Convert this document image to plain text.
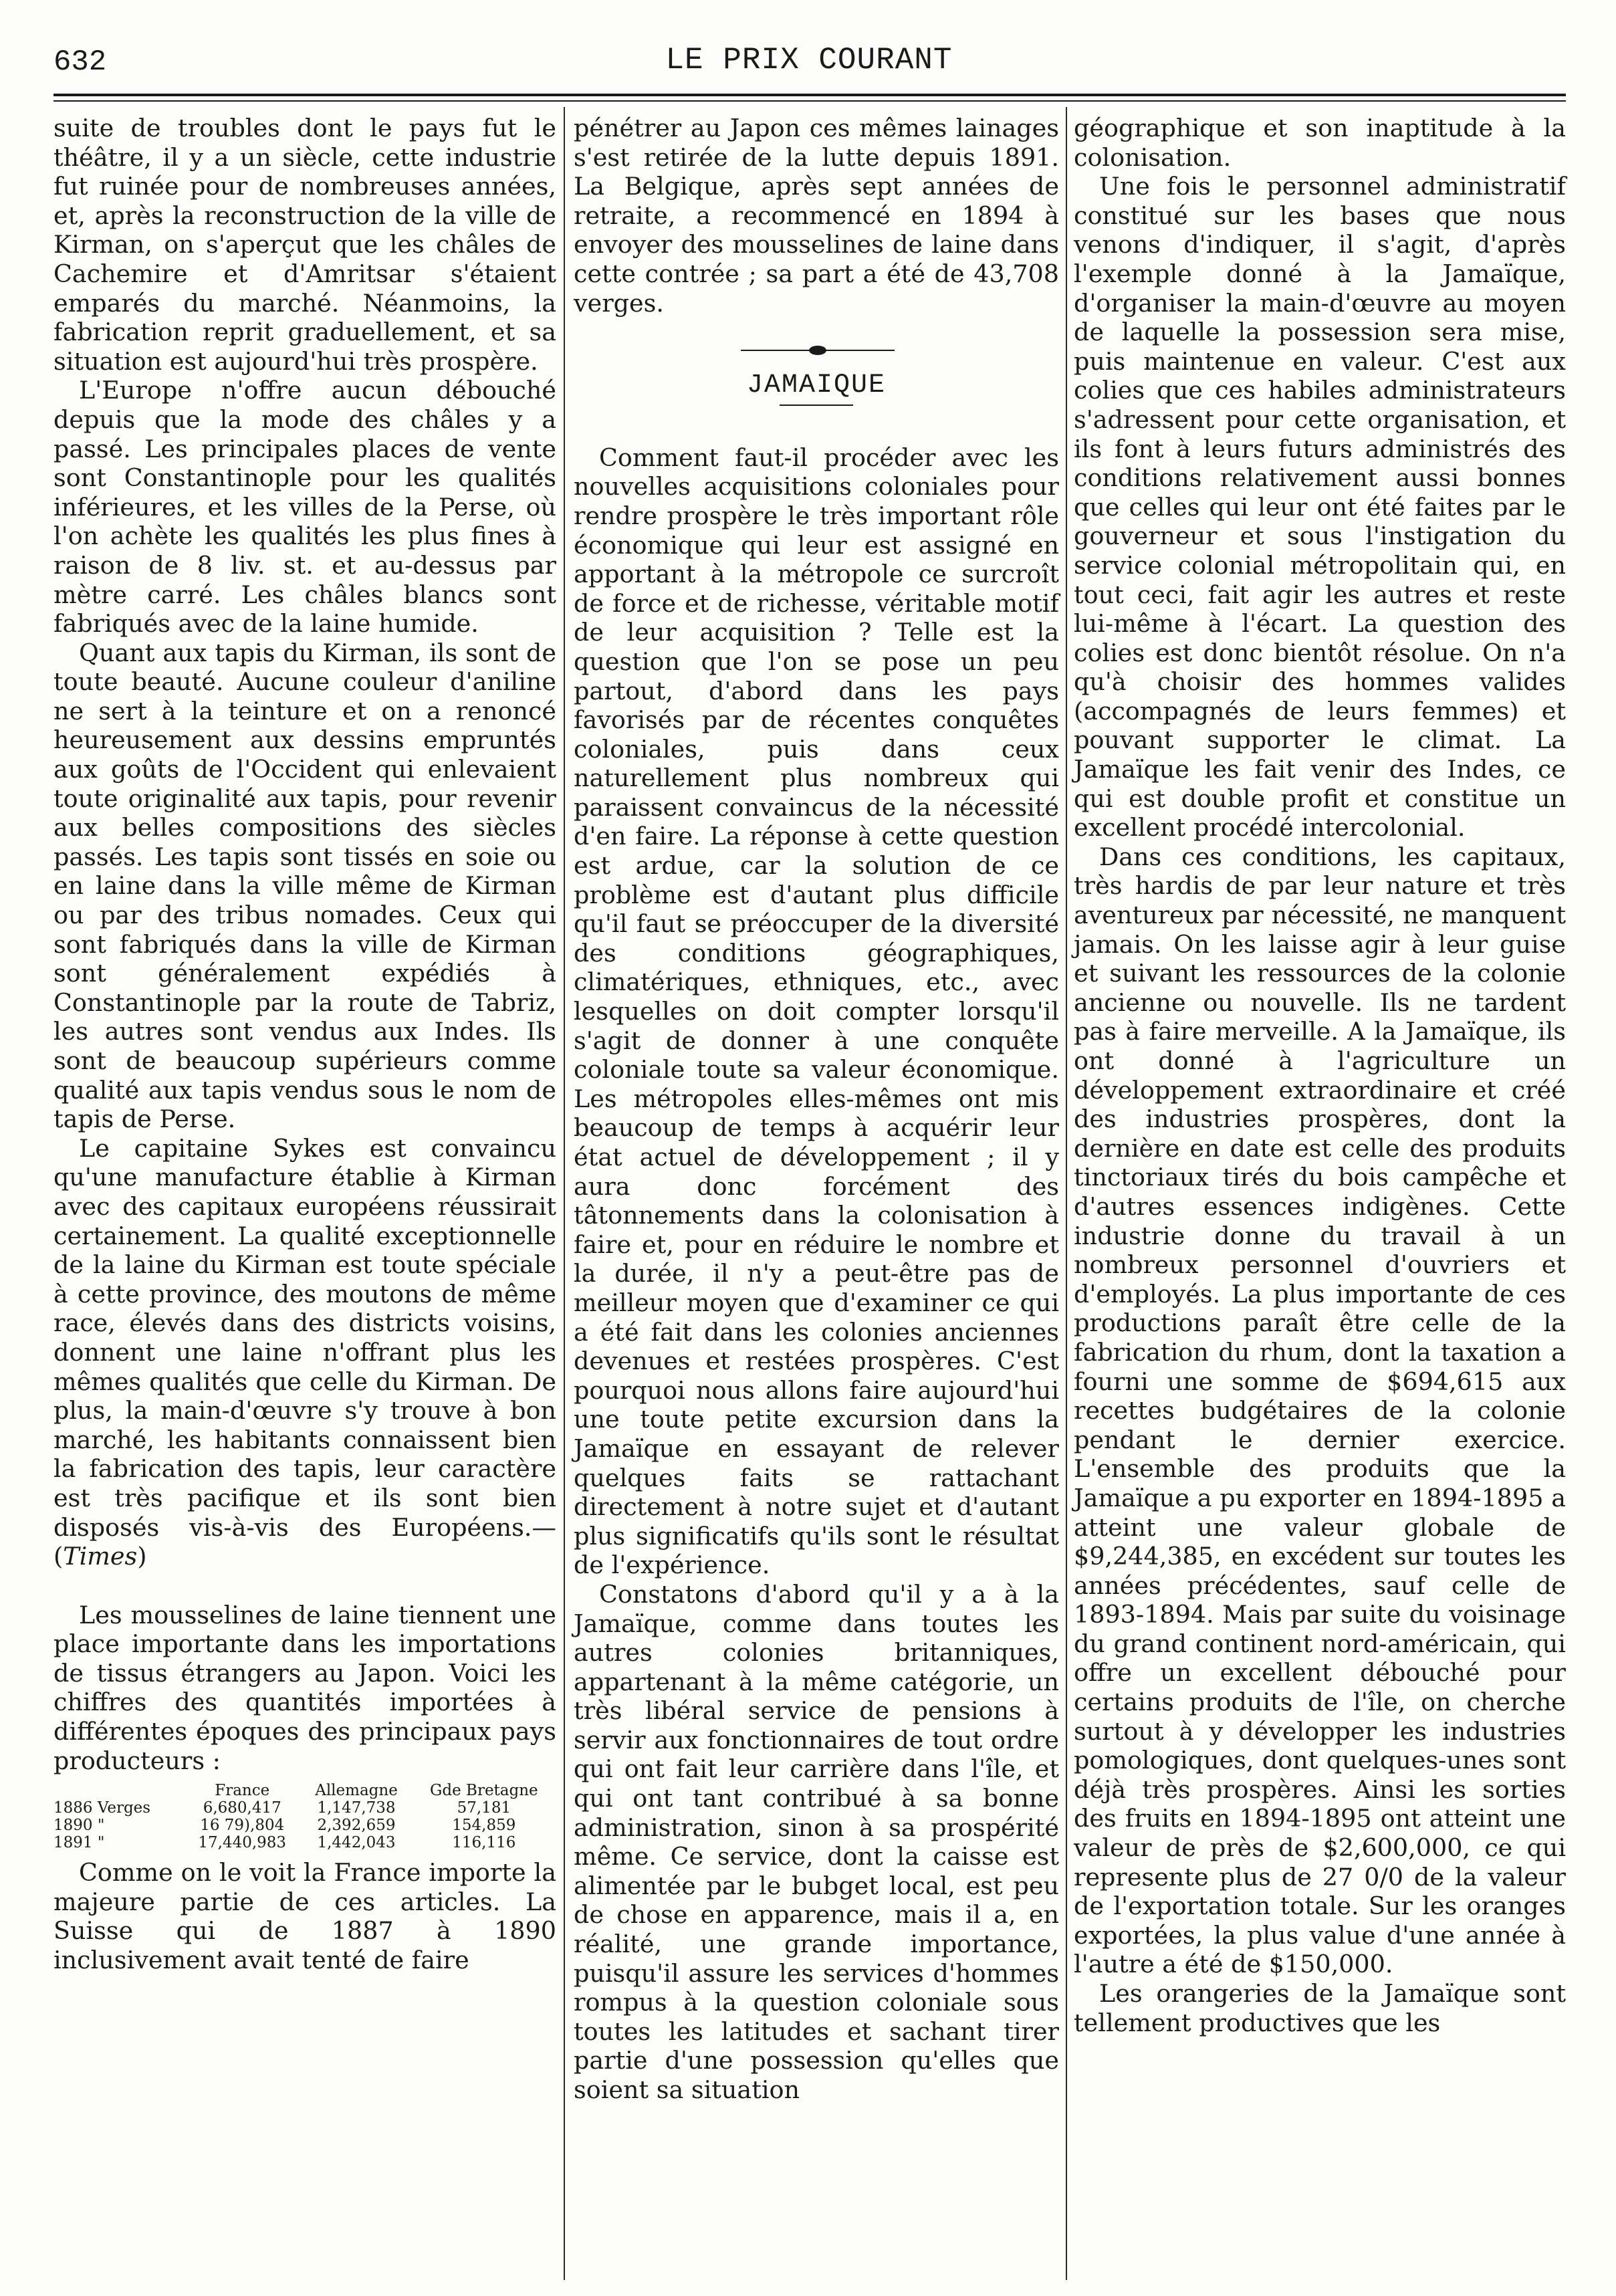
632	LE PRIX COURANT

suite de troubles dont le pays fut le théâtre, il y a un siècle, cette industrie fut ruinée pour de nombreuses années, et, après la reconstruction de la ville de Kirman, on s'aperçut que les châles de Cachemire et d'Amritsar s'étaient emparés du marché. Néanmoins, la fabrication reprit graduellement, et sa situation est aujourd'hui très prospère.

L'Europe n'offre aucun débouché depuis que la mode des châles y a passé. Les principales places de vente sont Constantinople pour les qualités inférieures, et les villes de la Perse, où l'on achète les qualités les plus fines à raison de 8 liv. st. et au-dessus par mètre carré. Les châles blancs sont fabriqués avec de la laine humide.

Quant aux tapis du Kirman, ils sont de toute beauté. Aucune couleur d'aniline ne sert à la teinture et on a renoncé heureusement aux dessins empruntés aux goûts de l'Occident qui enlevaient toute originalité aux tapis, pour revenir aux belles compositions des siècles passés. Les tapis sont tissés en soie ou en laine dans la ville même de Kirman ou par des tribus nomades. Ceux qui sont fabriqués dans la ville de Kirman sont généralement expédiés à Constantinople par la route de Tabriz, les autres sont vendus aux Indes. Ils sont de beaucoup supérieurs comme qualité aux tapis vendus sous le nom de tapis de Perse.

Le capitaine Sykes est convaincu qu'une manufacture établie à Kirman avec des capitaux européens réussirait certainement. La qualité exceptionnelle de la laine du Kirman est toute spéciale à cette province, des moutons de même race, élevés dans des districts voisins, donnent une laine n'offrant plus les mêmes qualités que celle du Kirman. De plus, la main-d'œuvre s'y trouve à bon marché, les habitants connaissent bien la fabrication des tapis, leur caractère est très pacifique et ils sont bien disposés vis-à-vis des Européens.—(Times)

Les mousselines de laine tiennent une place importante dans les importations de tissus étrangers au Japon. Voici les chiffres des quantités importées à différentes époques des principaux pays producteurs :

	France	Allemagne	Gde Bretagne
1886 Verges	6,680,417	1,147,738	57,181
1890 "	16 79),804	2,392,659	154,859
1891 "	17,440,983	1,442,043	116,116

Comme on le voit la France importe la majeure partie de ces articles. La Suisse qui de 1887 à 1890 inclusivement avait tenté de faire

pénétrer au Japon ces mêmes lainages s'est retirée de la lutte depuis 1891. La Belgique, après sept années de retraite, a recommencé en 1894 à envoyer des mousselines de laine dans cette contrée ; sa part a été de 43,708 verges.

JAMAIQUE

Comment faut-il procéder avec les nouvelles acquisitions coloniales pour rendre prospère le très important rôle économique qui leur est assigné en apportant à la métropole ce surcroît de force et de richesse, véritable motif de leur acquisition ? Telle est la question que l'on se pose un peu partout, d'abord dans les pays favorisés par de récentes conquêtes coloniales, puis dans ceux naturellement plus nombreux qui paraissent convaincus de la nécessité d'en faire. La réponse à cette question est ardue, car la solution de ce problème est d'autant plus difficile qu'il faut se préoccuper de la diversité des conditions géographiques, climatériques, ethniques, etc., avec lesquelles on doit compter lorsqu'il s'agit de donner à une conquête coloniale toute sa valeur économique. Les métropoles elles-mêmes ont mis beaucoup de temps à acquérir leur état actuel de développement ; il y aura donc forcément des tâtonnements dans la colonisation à faire et, pour en réduire le nombre et la durée, il n'y a peut-être pas de meilleur moyen que d'examiner ce qui a été fait dans les colonies anciennes devenues et restées prospères. C'est pourquoi nous allons faire aujourd'hui une toute petite excursion dans la Jamaïque en essayant de relever quelques faits se rattachant directement à notre sujet et d'autant plus significatifs qu'ils sont le résultat de l'expérience.

Constatons d'abord qu'il y a à la Jamaïque, comme dans toutes les autres colonies britanniques, appartenant à la même catégorie, un très libéral service de pensions à servir aux fonctionnaires de tout ordre qui ont fait leur carrière dans l'île, et qui ont tant contribué à sa bonne administration, sinon à sa prospérité même. Ce service, dont la caisse est alimentée par le bubget local, est peu de chose en apparence, mais il a, en réalité, une grande importance, puisqu'il assure les services d'hommes rompus à la question coloniale sous toutes les latitudes et sachant tirer partie d'une possession qu'elles que soient sa situation

géographique et son inaptitude à la colonisation.

Une fois le personnel administratif constitué sur les bases que nous venons d'indiquer, il s'agit, d'après l'exemple donné à la Jamaïque, d'organiser la main-d'œuvre au moyen de laquelle la possession sera mise, puis maintenue en valeur. C'est aux colies que ces habiles administrateurs s'adressent pour cette organisation, et ils font à leurs futurs administrés des conditions relativement aussi bonnes que celles qui leur ont été faites par le gouverneur et sous l'instigation du service colonial métropolitain qui, en tout ceci, fait agir les autres et reste lui-même à l'écart. La question des colies est donc bientôt résolue. On n'a qu'à choisir des hommes valides (accompagnés de leurs femmes) et pouvant supporter le climat. La Jamaïque les fait venir des Indes, ce qui est double profit et constitue un excellent procédé intercolonial.

Dans ces conditions, les capitaux, très hardis de par leur nature et très aventureux par nécessité, ne manquent jamais. On les laisse agir à leur guise et suivant les ressources de la colonie ancienne ou nouvelle. Ils ne tardent pas à faire merveille. A la Jamaïque, ils ont donné à l'agriculture un développement extraordinaire et créé des industries prospères, dont la dernière en date est celle des produits tinctoriaux tirés du bois campêche et d'autres essences indigènes. Cette industrie donne du travail à un nombreux personnel d'ouvriers et d'employés. La plus importante de ces productions paraît être celle de la fabrication du rhum, dont la taxation a fourni une somme de $694,615 aux recettes budgétaires de la colonie pendant le dernier exercice. L'ensemble des produits que la Jamaïque a pu exporter en 1894-1895 a atteint une valeur globale de $9,244,385, en excédent sur toutes les années précédentes, sauf celle de 1893-1894. Mais par suite du voisinage du grand continent nord-américain, qui offre un excellent débouché pour certains produits de l'île, on cherche surtout à y développer les industries pomologiques, dont quelques-unes sont déjà très prospères. Ainsi les sorties des fruits en 1894-1895 ont atteint une valeur de près de $2,600,000, ce qui represente plus de 27 0/0 de la valeur de l'exportation totale. Sur les oranges exportées, la plus value d'une année à l'autre a été de $150,000.

Les orangeries de la Jamaïque sont tellement productives que les
